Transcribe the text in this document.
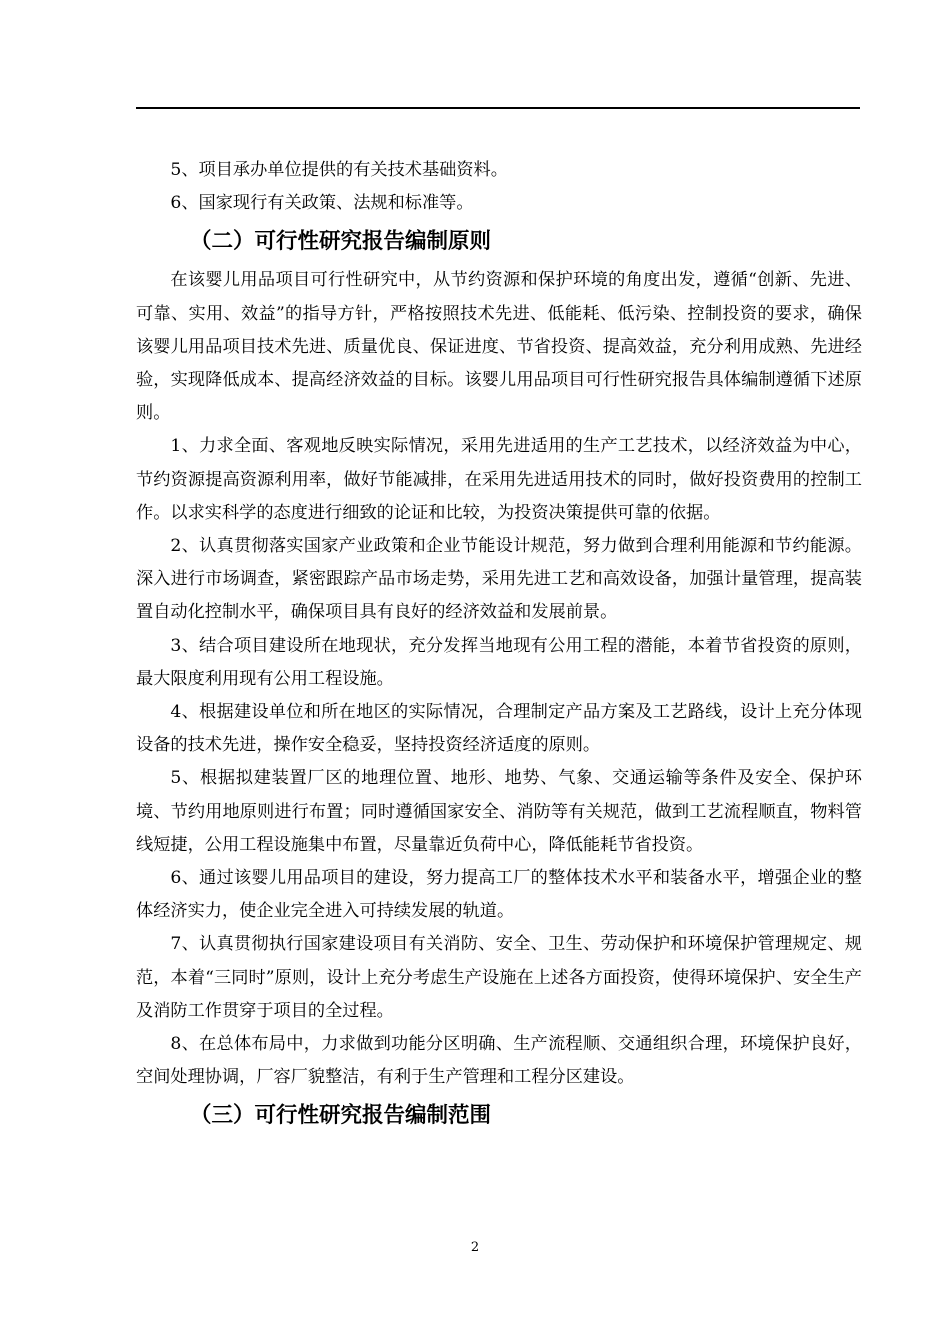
5、项目承办单位提供的有关技术基础资料。

6、国家现行有关政策、法规和标准等。

（二）可行性研究报告编制原则

在该婴儿用品项目可行性研究中，从节约资源和保护环境的角度出发，遵循“创新、先进、可靠、实用、效益”的指导方针，严格按照技术先进、低能耗、低污染、控制投资的要求，确保该婴儿用品项目技术先进、质量优良、保证进度、节省投资、提高效益，充分利用成熟、先进经验，实现降低成本、提高经济效益的目标。该婴儿用品项目可行性研究报告具体编制遵循下述原则。

1、力求全面、客观地反映实际情况，采用先进适用的生产工艺技术，以经济效益为中心，节约资源提高资源利用率，做好节能减排，在采用先进适用技术的同时，做好投资费用的控制工作。以求实科学的态度进行细致的论证和比较，为投资决策提供可靠的依据。

2、认真贯彻落实国家产业政策和企业节能设计规范，努力做到合理利用能源和节约能源。深入进行市场调查，紧密跟踪产品市场走势，采用先进工艺和高效设备，加强计量管理，提高装置自动化控制水平，确保项目具有良好的经济效益和发展前景。

3、结合项目建设所在地现状，充分发挥当地现有公用工程的潜能，本着节省投资的原则，最大限度利用现有公用工程设施。

4、根据建设单位和所在地区的实际情况，合理制定产品方案及工艺路线，设计上充分体现设备的技术先进，操作安全稳妥，坚持投资经济适度的原则。

5、根据拟建装置厂区的地理位置、地形、地势、气象、交通运输等条件及安全、保护环境、节约用地原则进行布置；同时遵循国家安全、消防等有关规范，做到工艺流程顺直，物料管线短捷，公用工程设施集中布置，尽量靠近负荷中心，降低能耗节省投资。

6、通过该婴儿用品项目的建设，努力提高工厂的整体技术水平和装备水平，增强企业的整体经济实力，使企业完全进入可持续发展的轨道。

7、认真贯彻执行国家建设项目有关消防、安全、卫生、劳动保护和环境保护管理规定、规范，本着“三同时”原则，设计上充分考虑生产设施在上述各方面投资，使得环境保护、安全生产及消防工作贯穿于项目的全过程。

8、在总体布局中，力求做到功能分区明确、生产流程顺、交通组织合理，环境保护良好，空间处理协调，厂容厂貌整洁，有利于生产管理和工程分区建设。

（三）可行性研究报告编制范围

2
